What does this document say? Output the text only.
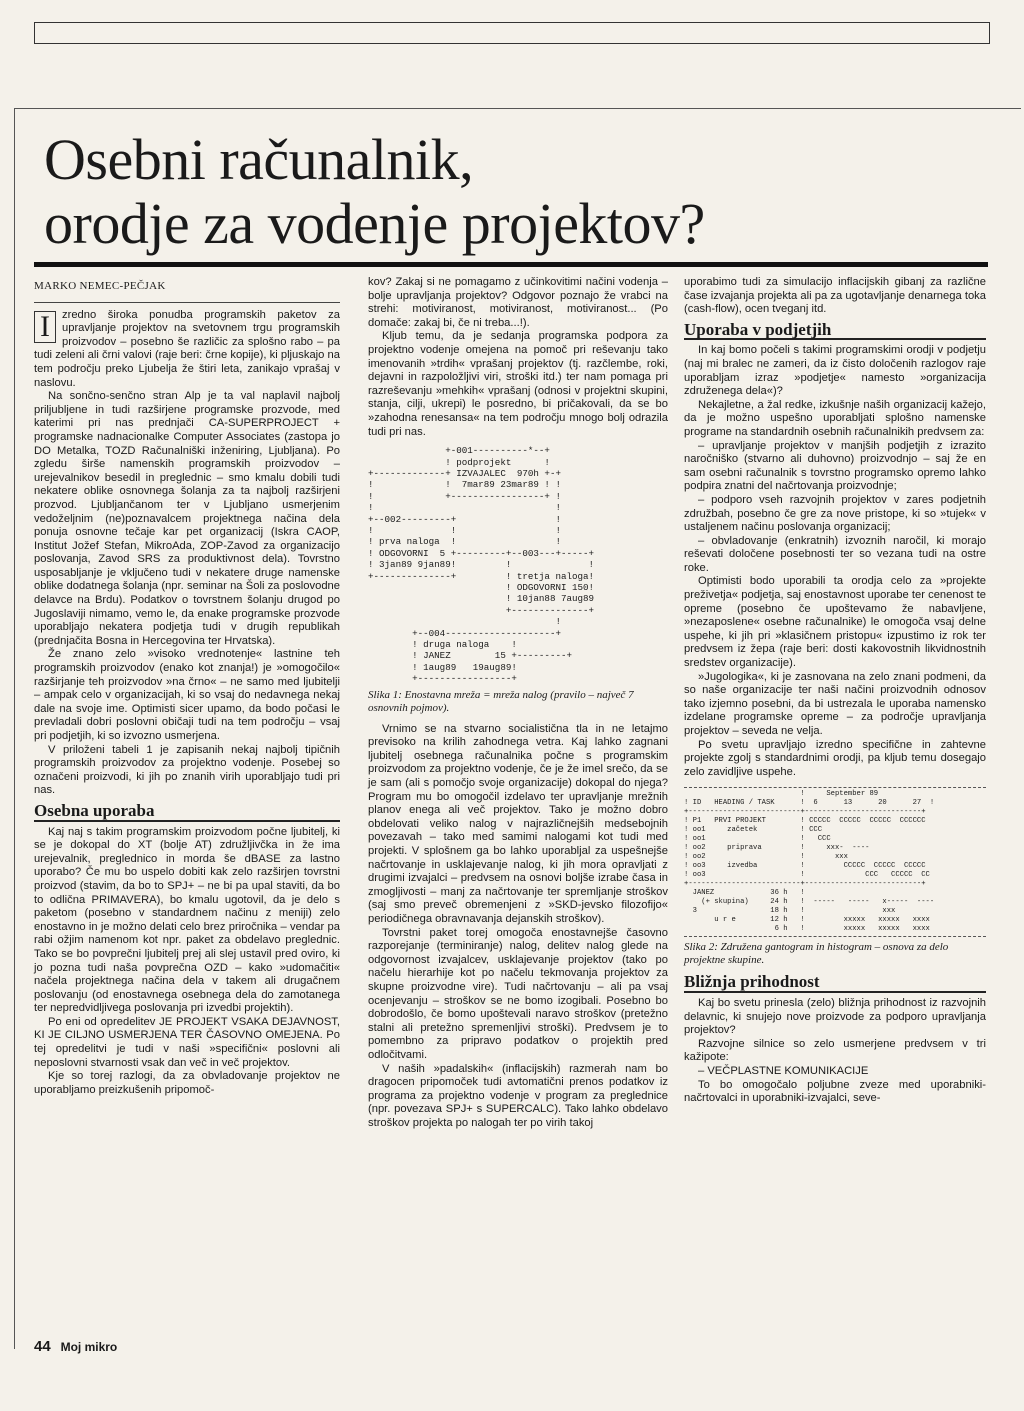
Osebni računalnik,
orodje za vodenje projektov?
MARKO NEMEC-PEČJAK

I	zredno široka ponudba programskih paketov za upravljanje projektov na svetovnem trgu programskih proizvodov – posebno še različic za splošno rabo – pa tudi zeleni ali črni valovi (raje beri: črne kopije), ki pljuskajo na tem področju preko Ljubelja že štiri leta, zanikajo vprašaj v naslovu.

Na sončno-senčno stran Alp je ta val naplavil najbolj priljubljene in tudi razširjene programske prozvode, med katerimi pri nas prednjači CA-SUPERPROJECT + programske nadnacionalke Computer Associates (zastopa jo DO Metalka, TOZD Računalniški inženiring, Ljubljana). Po zgledu širše namenskih programskih proizvodov – urejevalnikov besedil in preglednic – smo kmalu dobili tudi nekatere oblike osnovnega šolanja za ta najbolj razširjeni prozvod. Ljubljančanom ter v Ljubljano usmerjenim vedoželjnim (ne)poznavalcem projektnega načina dela ponuja osnovne tečaje kar pet organizacij (Iskra CAOP, Institut Jožef Stefan, MikroAda, ZOP-Zavod za organizacijo poslovanja, Zavod SRS za produktivnost dela). Tovrstno usposabljanje je vključeno tudi v nekatere druge namenske oblike dodatnega šolanja (npr. seminar na Šoli za poslovodne delavce na Brdu). Podatkov o tovrstnem šolanju drugod po Jugoslaviji nimamo, vemo le, da enake programske prozvode uporabljajo nekatera podjetja tudi v drugih republikah (prednjačita Bosna in Hercegovina ter Hrvatska).

Že znano zelo »visoko vrednotenje« lastnine teh programskih proizvodov (enako kot znanja!) je »omogočilo« razširjanje teh proizvodov »na črno« – ne samo med ljubitelji – ampak celo v organizacijah, ki so vsaj do nedavnega nekaj dale na svoje ime. Optimisti sicer upamo, da bodo počasi le prevladali dobri poslovni običaji tudi na tem področju – vsaj pri podjetjih, ki so izvozno usmerjena.

V priloženi tabeli 1 je zapisanih nekaj najbolj tipičnih programskih proizvodov za projektno vodenje. Posebej so označeni proizvodi, ki jih po znanih virih uporabljajo tudi pri nas.

Osebna uporaba

Kaj naj s takim programskim proizvodom počne ljubitelj, ki se je dokopal do XT (bolje AT) združljivčka in že ima urejevalnik, preglednico in morda še dBASE za lastno uporabo? Če mu bo uspelo dobiti kak zelo razširjen tovrstni proizvod (stavim, da bo to SPJ+ – ne bi pa upal staviti, da bo to odlična PRIMAVERA), bo kmalu ugotovil, da je delo s paketom (posebno v standardnem načinu z meniji) zelo enostavno in je možno delati celo brez priročnika – vendar pa rabi ožjim namenom kot npr. paket za obdelavo preglednic. Tako se bo povprečni ljubitelj prej ali slej ustavil pred oviro, ki jo pozna tudi naša povprečna OZD – kako »udomačiti« načela projektnega načina dela v takem ali drugačnem poslovanju (od enostavnega osebnega dela do zamotanega ter nepredvidljivega poslovanja pri izvedbi projektih).

Po eni od opredelitev JE PROJEKT VSAKA DEJAVNOST, KI JE CILJNO USMERJENA TER ČASOVNO OMEJENA. Po tej opredelitvi je tudi v naši »specifični« poslovni ali neposlovni stvarnosti vsak dan več in več projektov.

Kje so torej razlogi, da za obvladovanje projektov ne uporabljamo preizkušenih pripomoč-

kov? Zakaj si ne pomagamo z učinkovitimi načini vodenja – bolje upravljanja projektov? Odgovor poznajo že vrabci na strehi: motiviranost, motiviranost, motiviranost... (Po domače: zakaj bi, če ni treba...!).

Kljub temu, da je sedanja programska podpora za projektno vodenje omejena na pomoč pri reševanju tako imenovanih »trdih« vprašanj projektov (tj. razčlembe, roki, dejavni in razpoložljivi viri, stroški itd.) ter nam pomaga pri razreševanju »mehkih« vprašanj (odnosi v projektni skupini, stanja, cilji, ukrepi) le posredno, bi pričakovali, da se bo »zahodna renesansa« na tem področju mnogo bolj odrazila tudi pri nas.

+-001----------*--+
! podprojekt      !
+-------------+ IZVAJALEC  970h +-+
!             !  7mar89 23mar89 ! !
!             +-----------------+ !
!                                 !
+--002---------+                  !
!              !                  !
! prva naloga  !                  !
! ODGOVORNI  5 +---------+--003---+-----+
! 3jan89 9jan89!         !              !
+--------------+         ! tretja naloga!
! ODGOVORNI 150!
! 10jan88 7aug89
+--------------+
!
+--004--------------------+
! druga naloga    !
! JANEZ        15 +---------+
! 1aug89   19aug89!
+-----------------+
Slika 1: Enostavna mreža = mreža nalog (pravilo – največ 7 osnovnih pojmov).

Vrnimo se na stvarno socialistična tla in ne letajmo previsoko na krilih zahodnega vetra. Kaj lahko zagnani ljubitelj osebnega računalnika počne s programskim proizvodom za projektno vodenje, če je že imel srečo, da se je sam (ali s pomočjo svoje organizacije) dokopal do njega? Program mu bo omogočil izdelavo ter upravljanje mrežnih planov enega ali več projektov. Tako je možno dobro obdelovati veliko nalog v najrazličnejših medsebojnih povezavah – tako med samimi nalogami kot tudi med projekti. V splošnem ga bo lahko uporabljal za uspešnejše načrtovanje in usklajevanje nalog, ki jih mora opravljati z drugimi izvajalci – predvsem na osnovi boljše izrabe časa in zmogljivosti – manj za načrtovanje ter spremljanje stroškov (saj smo preveč obremenjeni z »SKD-jevsko filozofijo« periodičnega obravnavanja dejanskih stroškov).

Tovrstni paket torej omogoča enostavnejše časovno razporejanje (terminiranje) nalog, delitev nalog glede na odgovornost izvajalcev, usklajevanje projektov (tako po načelu hierarhije kot po načelu tekmovanja projektov za skupne proizvodne vire). Tudi načrtovanju – ali pa vsaj ocenjevanju – stroškov se ne bomo izogibali. Posebno bo dobrodošlo, če bomo upoštevali naravo stroškov (pretežno stalni ali pretežno spremenljivi stroški). Predvsem je to pomembno za pripravo podatkov o projektih pred odločitvami.

V naših »padalskih« (inflacijskih) razmerah nam bo dragocen pripomoček tudi avtomatični prenos podatkov iz programa za projektno vodenje v program za preglednice (npr. povezava SPJ+ s SUPERCALC). Tako lahko obdelavo stroškov projekta po nalogah ter po virih takoj

uporabimo tudi za simulacijo inflacijskih gibanj za različne čase izvajanja projekta ali pa za ugotavljanje denarnega toka (cash-flow), ocen tveganj itd.

Uporaba v podjetjih

In kaj bomo počeli s takimi programskimi orodji v podjetju (naj mi bralec ne zameri, da iz čisto določenih razlogov raje uporabljam izraz »podjetje« namesto »organizacija združenega dela«)?

Nekajletne, a žal redke, izkušnje naših organizacij kažejo, da je možno uspešno uporabljati splošno namenske programe na standardnih osebnih računalnikih predvsem za:

– upravljanje projektov v manjših podjetjih z izrazito naročniško (stvarno ali duhovno) proizvodnjo – saj že en sam osebni računalnik s tovrstno programsko opremo lahko podpira znatni del načrtovanja proizvodnje;

– podporo vseh razvojnih projektov v zares podjetnih združbah, posebno če gre za nove pristope, ki so »tujek« v ustaljenem načinu poslovanja organizacij;

– obvladovanje (enkratnih) izvoznih naročil, ki morajo reševati določene posebnosti ter so vezana tudi na ostre roke.

Optimisti bodo uporabili ta orodja celo za »projekte preživetja« podjetja, saj enostavnost uporabe ter cenenost te opreme (posebno če upoštevamo že nabavljene, »nezaposlene« osebne računalnike) le omogoča vsaj delne uspehe, ki jih pri »klasičnem pristopu« izpustimo iz rok ter predvsem iz žepa (raje beri: dosti kakovostnih likvidnostnih sredstev organizacije).

»Jugologika«, ki je zasnovana na zelo znani podmeni, da so naše organizacije ter naši načini proizvodnih odnosov tako izjemno posebni, da bi ustrezala le uporaba namensko izdelane programske opreme – za področje upravljanja projektov – seveda ne velja.

Po svetu upravljajo izredno specifične in zahtevne projekte zgolj s standardnimi orodji, pa kljub temu dosegajo zelo zavidljive uspehe.

!     September 89
! ID   HEADING / TASK      !  6      13      20      27  !
+--------------------------+---------------------------+
! P1   PRVI PROJEKT        ! CCCCC  CCCCC  CCCCC  CCCCCC
! oo1     začetek          ! CCC
! oo1                      !   CCC
! oo2     priprava         !     xxx-  ----
! oo2                      !       xxx
! oo3     izvedba          !         CCCCC  CCCCC  CCCCC
! oo3                      !              CCC   CCCCC  CC
+--------------------------+---------------------------+
JANEZ             36 h   !
(+ skupina)     24 h   !  -----   -----   x-----  ----
3                 18 h   !                  xxx
u r e        12 h   !         xxxxx   xxxxx   xxxx
6 h   !         xxxxx   xxxxx   xxxx
Slika 2: Združena gantogram in histogram – osnova za delo projektne skupine.
Bližnja prihodnost

Kaj bo svetu prinesla (zelo) bližnja prihodnost iz razvojnih delavnic, ki snujejo nove proizvode za podporo upravljanja projektov?

Razvojne silnice so zelo usmerjene predvsem v tri kažipote:

– VEČPLASTNE KOMUNIKACIJE

To bo omogočalo poljubne zveze med uporabniki-načrtovalci in uporabniki-izvajalci, seve-

44 Moj mikro
